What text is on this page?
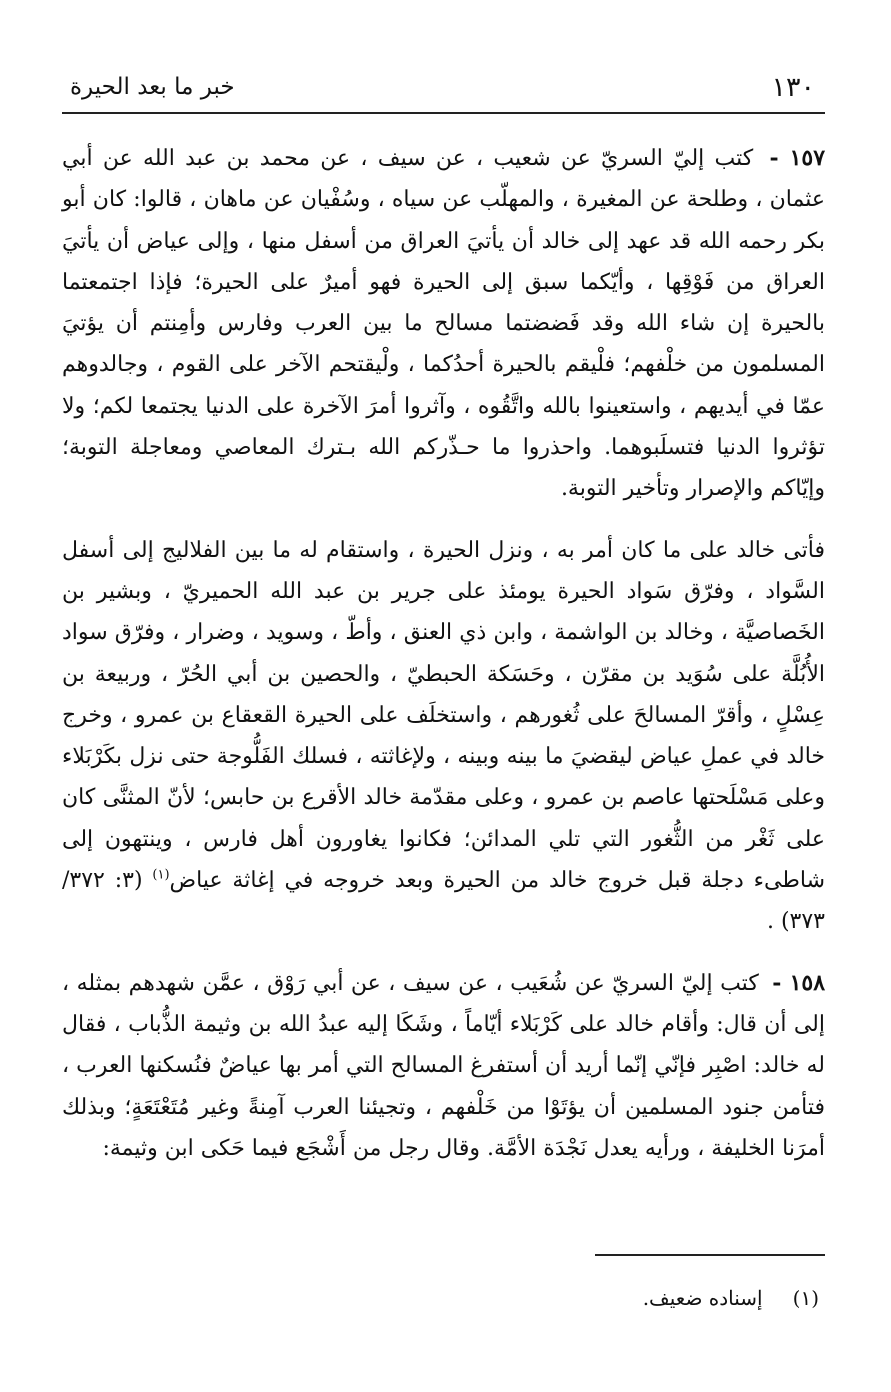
١٣٠
خبر ما بعد الحيرة

١٥٧ - كتب إليّ السريّ عن شعيب ، عن سيف ، عن محمد بن عبد الله عن أبي عثمان ، وطلحة عن المغيرة ، والمهلّب عن سياه ، وسُفْيان عن ماهان ، قالوا: كان أبو بكر رحمه الله قد عهد إلى خالد أن يأتيَ العراق من أسفل منها ، وإلى عياض أن يأتيَ العراق من فَوْقِها ، وأيّكما سبق إلى الحيرة فهو أميرٌ على الحيرة؛ فإذا اجتمعتما بالحيرة إن شاء الله وقد فَضضتما مسالح ما بين العرب وفارس وأمِنتم أن يؤتيَ المسلمون من خلْفهم؛ فلْيقم بالحيرة أحدُكما ، ولْيقتحم الآخر على القوم ، وجالدوهم عمّا في أيديهم ، واستعينوا بالله واتَّقُوه ، وآثروا أمرَ الآخرة على الدنيا يجتمعا لكم؛ ولا تؤثروا الدنيا فتسلَبوهما. واحذروا ما حـذّركم الله بـترك المعاصي ومعاجلة التوبة؛ وإيّاكم والإصرار وتأخير التوبة.

فأتى خالد على ما كان أمر به ، ونزل الحيرة ، واستقام له ما بين الفلاليج إلى أسفل السَّواد ، وفرّق سَواد الحيرة يومئذ على جرير بن عبد الله الحميريّ ، وبشير بن الخَصاصيَّة ، وخالد بن الواشمة ، وابن ذي العنق ، وأطّ ، وسويد ، وضرار ، وفرّق سواد الأُبُلَّة على سُوَيد بن مقرّن ، وحَسَكة الحبطيّ ، والحصين بن أبي الحُرّ ، وربيعة بن عِسْلٍ ، وأقرّ المسالحَ على ثُغورهم ، واستخلَف على الحيرة القعقاع بن عمرو ، وخرج خالد في عملِ عياض ليقضيَ ما بينه وبينه ، ولإغاثته ، فسلك الفَلُّوجة حتى نزل بكَرْبَلاء وعلى مَسْلَحتها عاصم بن عمرو ، وعلى مقدّمة خالد الأقرع بن حابس؛ لأنّ المثنَّى كان على ثَغْر من الثُّغور التي تلي المدائن؛ فكانوا يغاورون أهل فارس ، وينتهون إلى شاطىء دجلة قبل خروج خالد من الحيرة وبعد خروجه في إغاثة عياض$^{(١)}$ (٣: ٣٧٢/ ٣٧٣) .

١٥٨ - كتب إليّ السريّ عن شُعَيب ، عن سيف ، عن أبي رَوْق ، عمَّن شهدهم بمثله ، إلى أن قال: وأقام خالد على كَرْبَلاء أيّاماً ، وشَكَا إليه عبدُ الله بن وثيمة الذُّباب ، فقال له خالد: اصْبِر فإنّي إنّما أريد أن أستفرغ المسالح التي أمر بها عياضٌ فنُسكنها العرب ، فتأمن جنود المسلمين أن يؤتَوْا من خَلْفهم ، وتجيئنا العرب آمِنةً وغير مُتَعْتَعَةٍ؛ وبذلك أمرَنا الخليفة ، ورأيه يعدل نَجْدَة الأمَّة. وقال رجل من أَشْجَع فيما حَكى ابن وثيمة:

(١)إسناده ضعيف.
